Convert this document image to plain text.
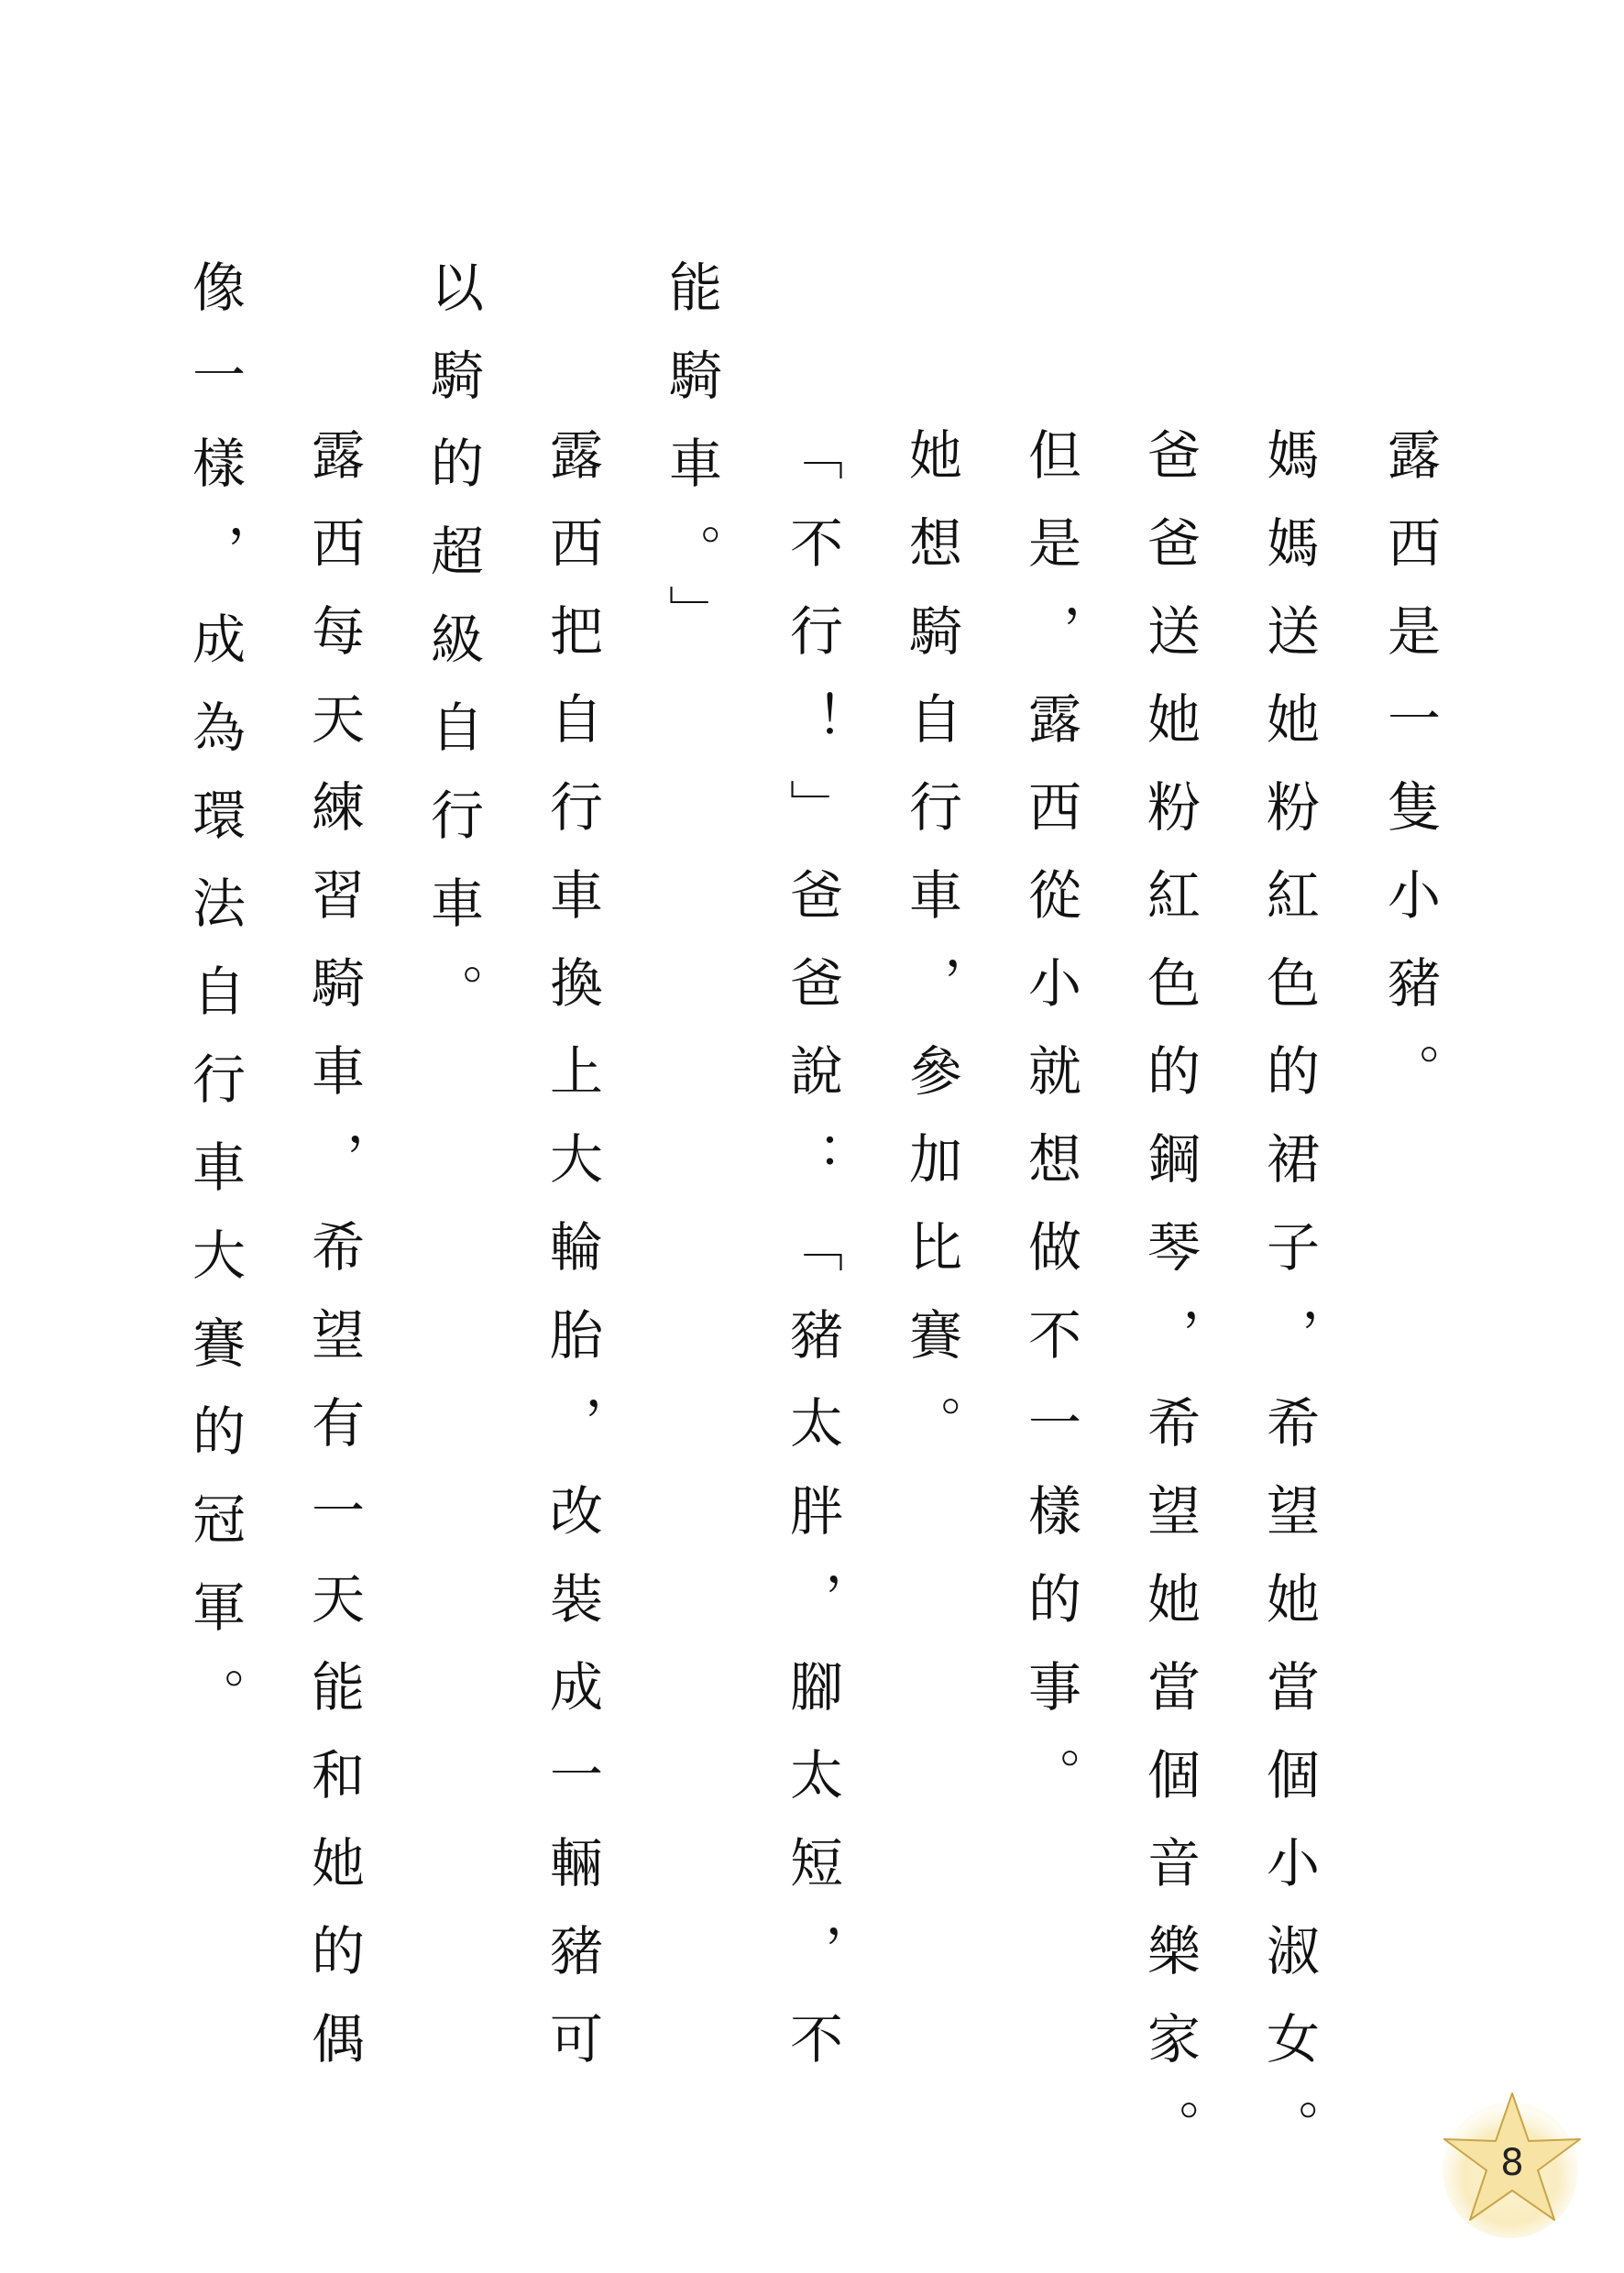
露西是一隻小豬。

媽媽送她粉紅色的裙子，希望她當個小淑女。

爸爸送她粉紅色的鋼琴，希望她當個音樂家。

但是，露西從小就想做不一樣的事。

她想騎自行車，參加比賽。

「不行！」爸爸說：「豬太胖，腳太短，不

能騎車。」

露西把自行車換上大輪胎，改裝成一輛豬可

以騎的超級自行車。

露西每天練習騎車，希望有一天能和她的偶

像一樣，成為環法自行車大賽的冠軍。

8
